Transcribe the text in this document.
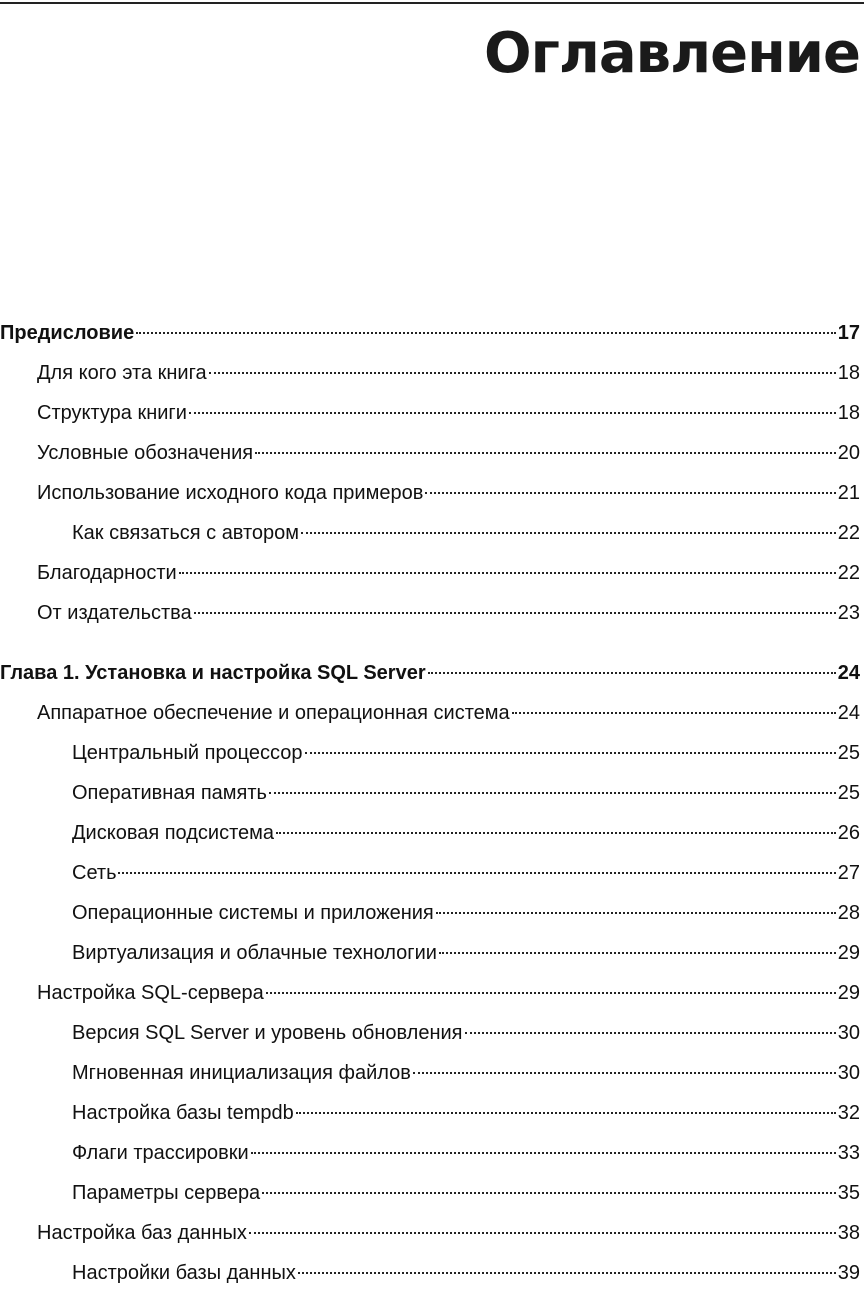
Оглавление
Предисловие	17
Для кого эта книга	18
Структура книги	18
Условные обозначения	20
Использование исходного кода примеров	21
Как связаться с автором	22
Благодарности	22
От издательства	23
Глава 1. Установка и настройка SQL Server	24
Аппаратное обеспечение и операционная система	24
Центральный процессор	25
Оперативная память	25
Дисковая подсистема	26
Сеть	27
Операционные системы и приложения	28
Виртуализация и облачные технологии	29
Настройка SQL-сервера	29
Версия SQL Server и уровень обновления	30
Мгновенная инициализация файлов	30
Настройка базы tempdb	32
Флаги трассировки	33
Параметры сервера	35
Настройка баз данных	38
Настройки базы данных	39
